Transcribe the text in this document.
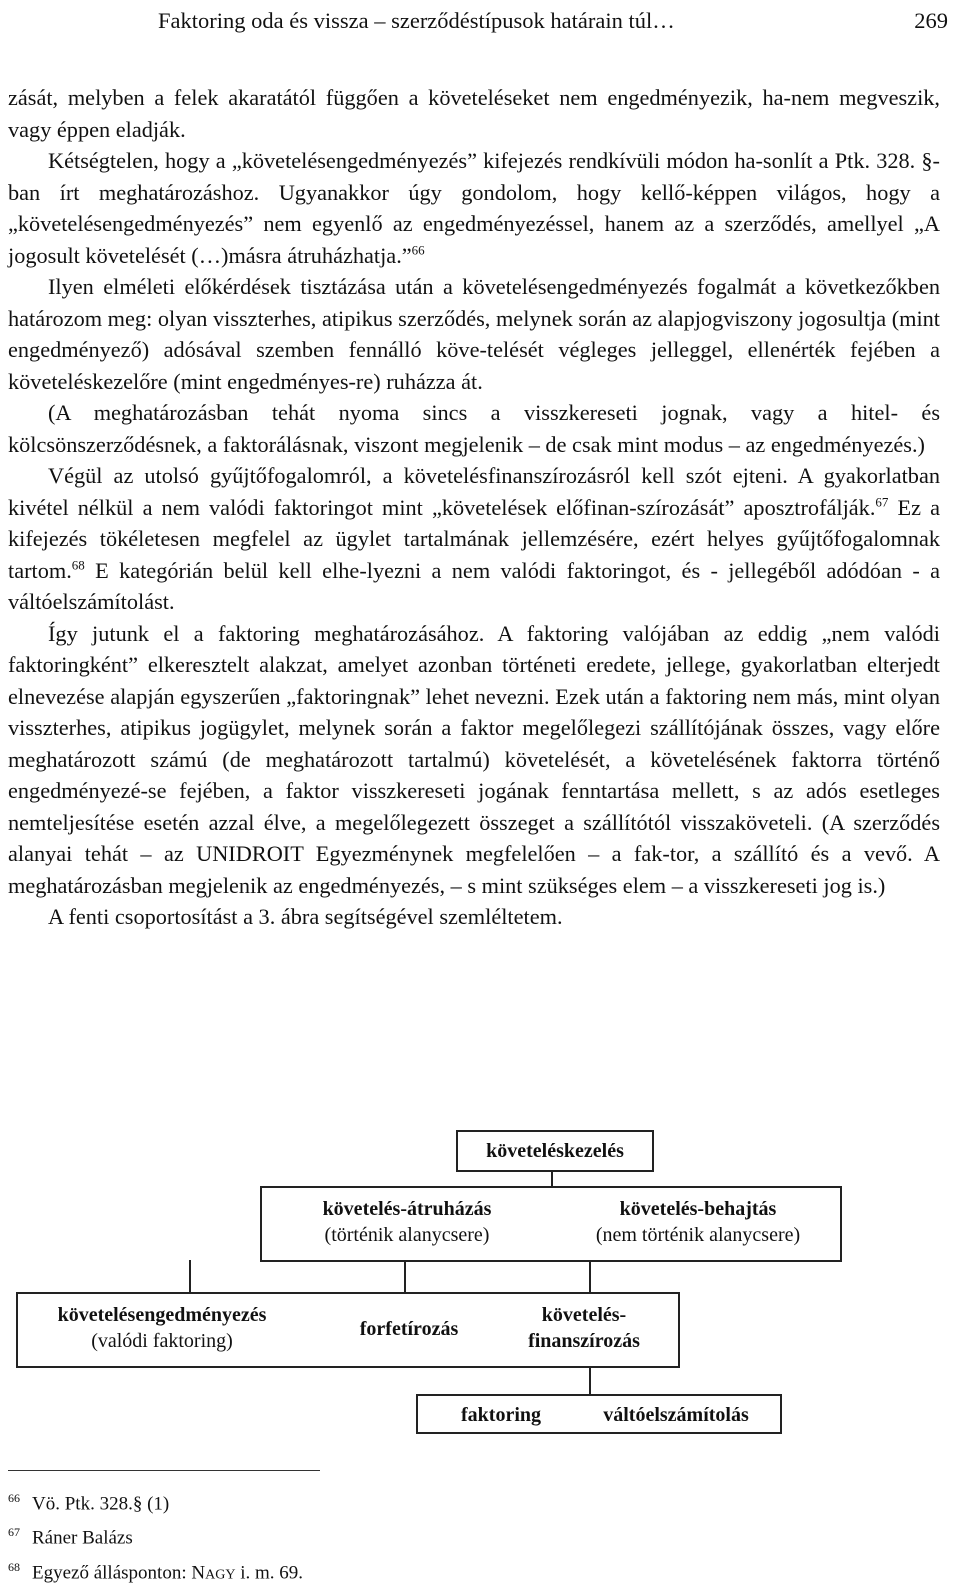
Faktoring oda és vissza – szerződéstípusok határain túl…	269

zását, melyben a felek akaratától függően a követeléseket nem engedményezik, ha-nem megveszik, vagy éppen eladják.

Kétségtelen, hogy a „követelésengedményezés” kifejezés rendkívüli módon ha-sonlít a Ptk. 328. §-ban írt meghatározáshoz. Ugyanakkor úgy gondolom, hogy kellő-képpen világos, hogy a „követelésengedményezés” nem egyenlő az engedményezéssel, hanem az a szerződés, amellyel „A jogosult követelését (…)másra átruházhatja.”$^{66}$

Ilyen elméleti előkérdések tisztázása után a követelésengedményezés fogalmát a következőkben határozom meg: olyan visszterhes, atipikus szerződés, melynek során az alapjogviszony jogosultja (mint engedményező) adósával szemben fennálló köve-telését végleges jelleggel, ellenérték fejében a követeléskezelőre (mint engedményes-re) ruházza át.

(A meghatározásban tehát nyoma sincs a visszkereseti jognak, vagy a hitel- és kölcsönszerződésnek, a faktorálásnak, viszont megjelenik – de csak mint modus – az engedményezés.)

Végül az utolsó gyűjtőfogalomról, a követelésfinanszírozásról kell szót ejteni. A gyakorlatban kivétel nélkül a nem valódi faktoringot mint „követelések előfinan-szírozását” aposztrofálják.$^{67}$ Ez a kifejezés tökéletesen megfelel az ügylet tartalmának jellemzésére, ezért helyes gyűjtőfogalomnak tartom.$^{68}$ E kategórián belül kell elhe-lyezni a nem valódi faktoringot, és - jellegéből adódóan - a váltóelszámítolást.

Így jutunk el a faktoring meghatározásához. A faktoring valójában az eddig „nem valódi faktoringként” elkeresztelt alakzat, amelyet azonban történeti eredete, jellege, gyakorlatban elterjedt elnevezése alapján egyszerűen „faktoringnak” lehet nevezni. Ezek után a faktoring nem más, mint olyan visszterhes, atipikus jogügylet, melynek során a faktor megelőlegezi szállítójának összes, vagy előre meghatározott számú (de meghatározott tartalmú) követelését, a követelésének faktorra történő engedményezé-se fejében, a faktor visszkereseti jogának fenntartása mellett, s az adós esetleges nemteljesítése esetén azzal élve, a megelőlegezett összeget a szállítótól visszaköveteli. (A szerződés alanyai tehát – az UNIDROIT Egyezménynek megfelelően – a fak-tor, a szállító és a vevő. A meghatározásban megjelenik az engedményezés, – s mint szükséges elem – a visszkereseti jog is.)

A fenti csoportosítást a 3. ábra segítségével szemléltetem.

követeléskezelés
követelés-átruházás
(történik alanycsere)
követelés-behajtás
(nem történik alanycsere)
követelésengedményezés
(valódi faktoring)
forfetírozás
követelés-
finanszírozás
faktoring	váltóelszámítolás
66 Vö. Ptk. 328.§ (1)
67 Ráner Balázs
68 Egyező állásponton: NAGY i. m. 69.
